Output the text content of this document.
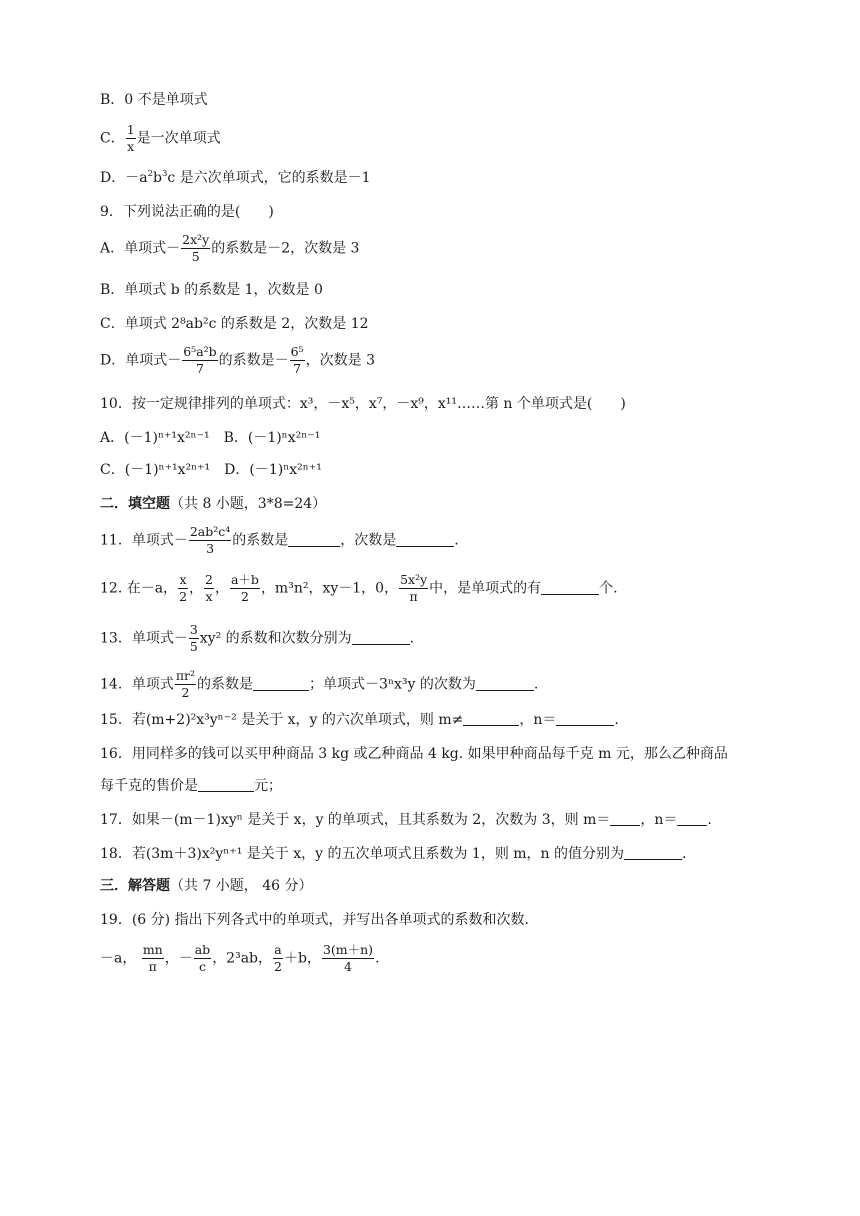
B．0 不是单项式
C． $\frac{1}{x}$ 是一次单项式
D．$-a^2b^3c$ 是六次单项式，它的系数是－1
9．下列说法正确的是(　　)
A．单项式－ $\frac{\text{2x²y}}{5}$ 的系数是－2，次数是 3
B．单项式 b 的系数是 1，次数是 0
C．单项式 2⁸ab²c 的系数是 2，次数是 12
D．单项式－ $\frac{\text{6⁵a²b}}{7}$ 的系数是－ $\frac{\text{6⁵}}{7}$ ，次数是 3
10．按一定规律排列的单项式：x³，－x⁵，x⁷，－x⁹，x¹¹……第 n 个单项式是(　　)
A．(－1)ⁿ⁺¹x²ⁿ⁻¹　B．(－1)ⁿx²ⁿ⁻¹
C．(－1)ⁿ⁺¹x²ⁿ⁺¹　D．(－1)ⁿx²ⁿ⁺¹
二．填空题（共 8 小题，3*8=24）
11．单项式－ $\frac{\text{2ab²c⁴}}{3}$ 的系数是	，次数是	.
12. 在－a， $\frac{x}{2}$ ， $\frac{2}{x}$ ， $\frac{a+b}{2}$ ，m³n²，xy－1，0， $\frac{\text{5x²y}}{\pi}$ 中，是单项式的有	个.
13．单项式－ $\frac{3}{5} xy^2$ 的系数和次数分别为	.
14．单项式 $\frac{\text{πr²}}{2}$ 的系数是	；单项式－3ⁿx³y 的次数为	.
15．若(m+2)²x³yⁿ⁻² 是关于 x，y 的六次单项式，则 m≠	，n＝	.
16．用同样多的钱可以买甲种商品 3 kg 或乙种商品 4 kg. 如果甲种商品每千克 m 元，那么乙种商品
每千克的售价是	元；
17．如果－(m－1)xyⁿ 是关于 x，y 的单项式，且其系数为 2，次数为 3，则 m＝ ，n＝ .
18．若(3m＋3)x²yⁿ⁺¹ 是关于 x，y 的五次单项式且系数为 1，则 m，n 的值分别为	.
三．解答题（共 7 小题， 46 分）
19．(6 分) 指出下列各式中的单项式，并写出各单项式的系数和次数.
－a， $\frac{mn}{\pi}$ ，－ $\frac{ab}{c}$ ，2³ab， $\frac{a}{2} +b$， $\frac{3(m+n)}{4}$ .
